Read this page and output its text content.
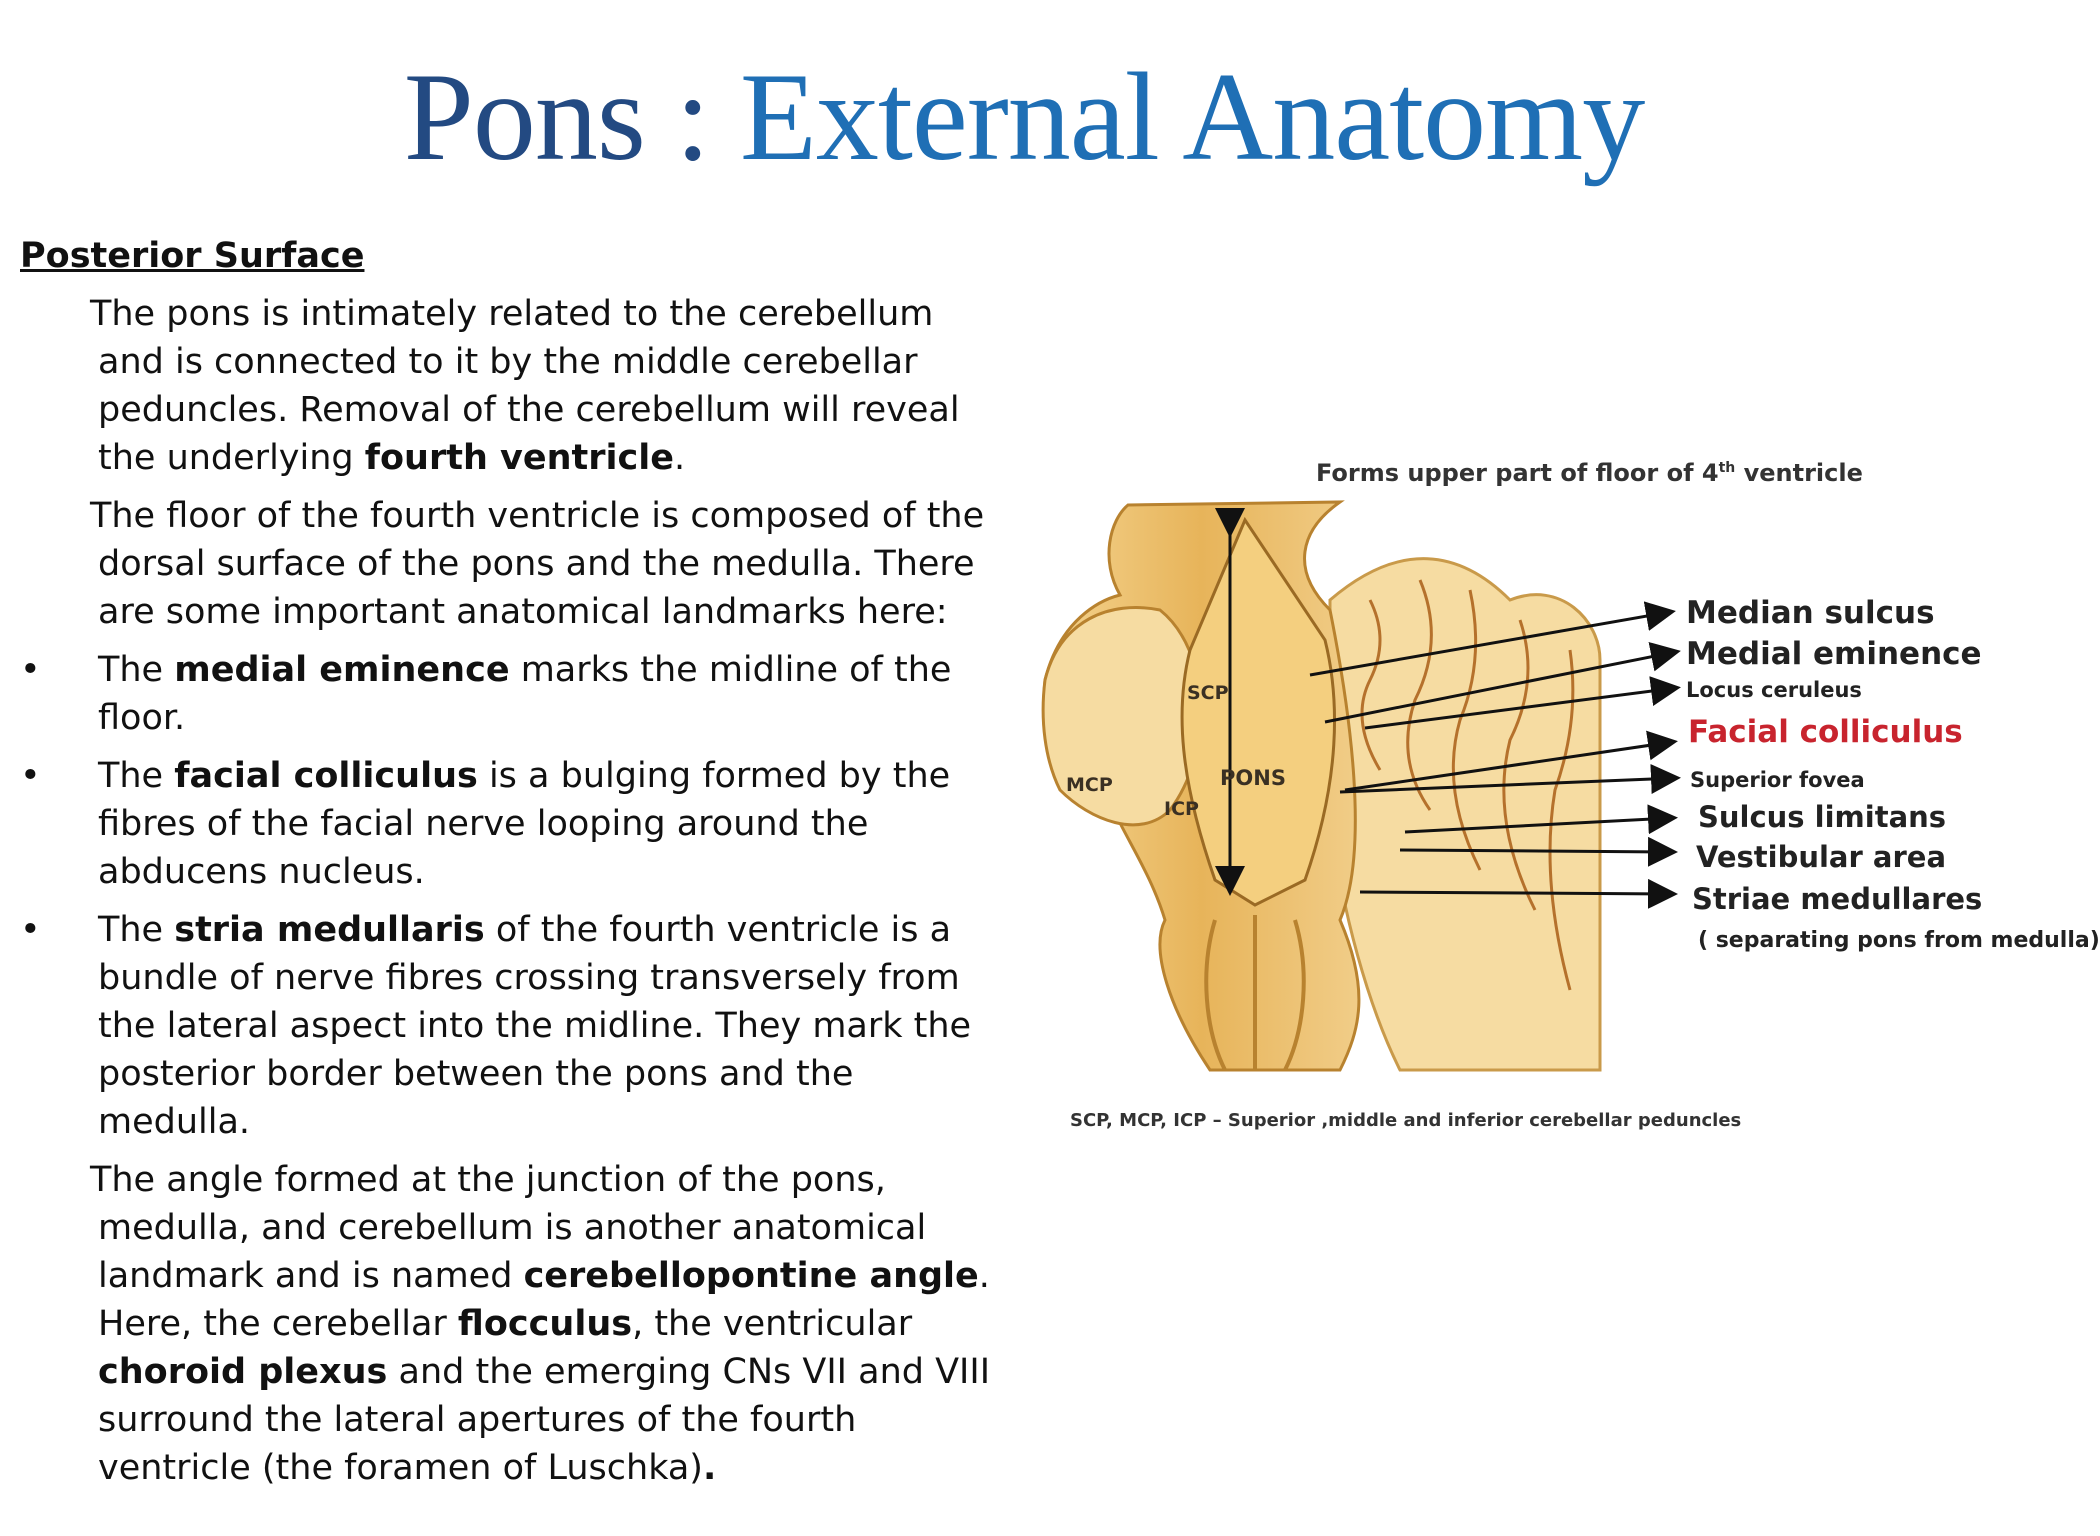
Pons : External Anatomy
Posterior Surface
The pons is intimately related to the cerebellum and is connected to it by the middle cerebellar peduncles. Removal of the cerebellum will reveal the underlying fourth ventricle.
The floor of the fourth ventricle is composed of the dorsal surface of the pons and the medulla. There are some important anatomical landmarks here:
• The medial eminence marks the midline of the floor.
• The facial colliculus is a bulging formed by the fibres of the facial nerve looping around the abducens nucleus.
• The stria medullaris of the fourth ventricle is a bundle of nerve fibres crossing transversely from the lateral aspect into the midline. They mark the posterior border between the pons and the medulla.
The angle formed at the junction of the pons, medulla, and cerebellum is another anatomical landmark and is named cerebellopontine angle. Here, the cerebellar flocculus, the ventricular choroid plexus and the emerging CNs VII and VIII surround the lateral apertures of the fourth ventricle (the foramen of Luschka).
Forms upper part of floor of 4th ventricle
SCP
MCP
ICP
PONS
Median sulcus
Medial eminence
Locus ceruleus
Facial colliculus
Superior fovea
Sulcus limitans
Vestibular area
Striae medullares
( separating pons from medulla)
SCP, MCP, ICP – Superior ,middle and inferior cerebellar peduncles
